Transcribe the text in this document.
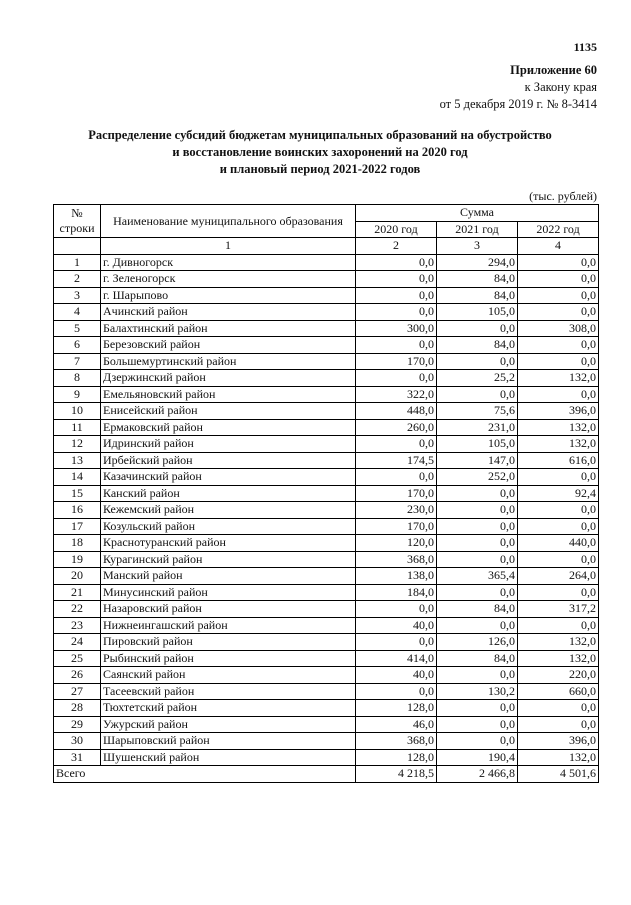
1135
Приложение 60
к Закону края
от 5 декабря 2019 г. № 8-3414
Распределение субсидий бюджетам муниципальных образований на обустройство
и восстановление воинских захоронений на 2020 год
и плановый период 2021-2022 годов
(тыс. рублей)
№
строки	Наименование муниципального образования	Сумма		
		2020 год	2021 год	2022 год
	1	2	3	4
1	г. Дивногорск	0,0	294,0	0,0
2	г. Зеленогорск	0,0	84,0	0,0
3	г. Шарыпово	0,0	84,0	0,0
4	Ачинский район	0,0	105,0	0,0
5	Балахтинский район	300,0	0,0	308,0
6	Березовский район	0,0	84,0	0,0
7	Большемуртинский район	170,0	0,0	0,0
8	Дзержинский район	0,0	25,2	132,0
9	Емельяновский район	322,0	0,0	0,0
10	Енисейский район	448,0	75,6	396,0
11	Ермаковский район	260,0	231,0	132,0
12	Идринский район	0,0	105,0	132,0
13	Ирбейский район	174,5	147,0	616,0
14	Казачинский район	0,0	252,0	0,0
15	Канский район	170,0	0,0	92,4
16	Кежемский район	230,0	0,0	0,0
17	Козульский район	170,0	0,0	0,0
18	Краснотуранский район	120,0	0,0	440,0
19	Курагинский район	368,0	0,0	0,0
20	Манский район	138,0	365,4	264,0
21	Минусинский район	184,0	0,0	0,0
22	Назаровский район	0,0	84,0	317,2
23	Нижнеингашский район	40,0	0,0	0,0
24	Пировский район	0,0	126,0	132,0
25	Рыбинский район	414,0	84,0	132,0
26	Саянский район	40,0	0,0	220,0
27	Тасеевский район	0,0	130,2	660,0
28	Тюхтетский район	128,0	0,0	0,0
29	Ужурский район	46,0	0,0	0,0
30	Шарыповский район	368,0	0,0	396,0
31	Шушенский район	128,0	190,4	132,0
Всего		4 218,5	2 466,8	4 501,6
